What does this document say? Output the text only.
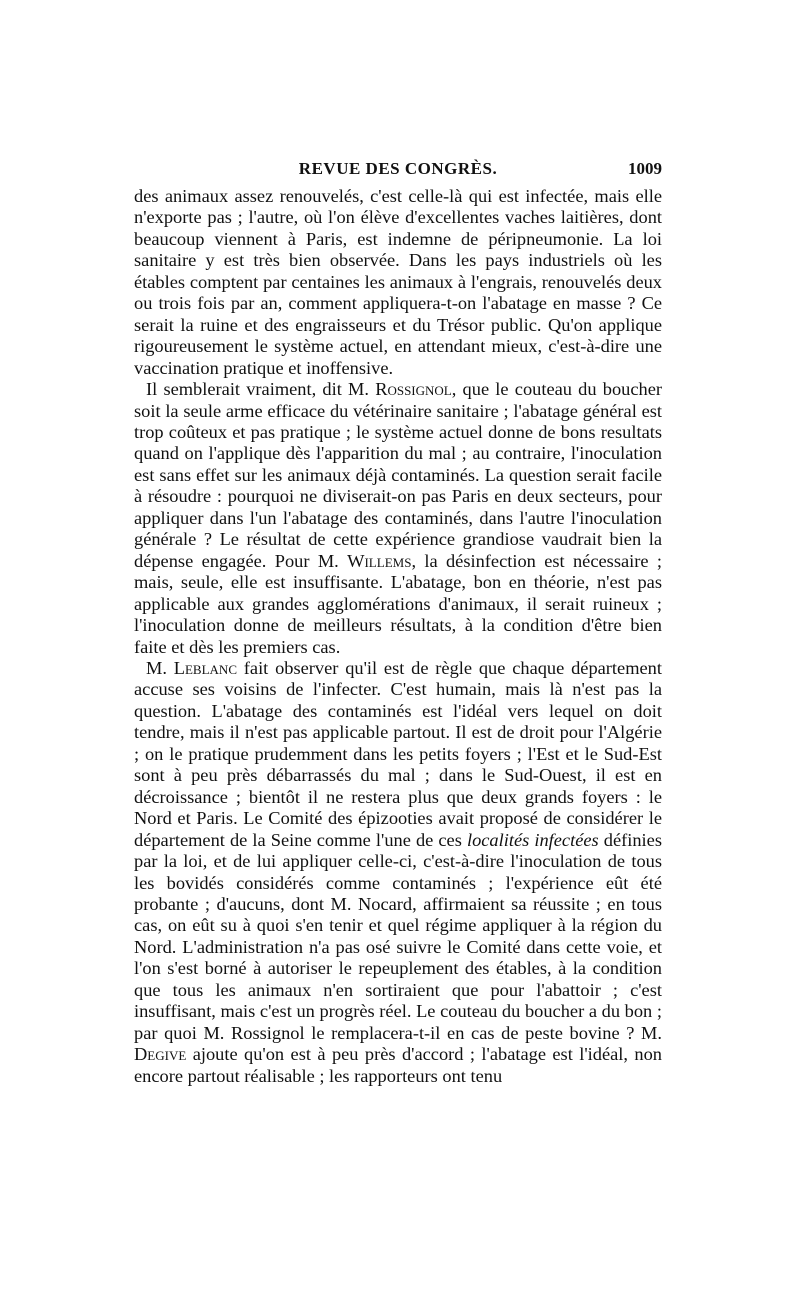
REVUE DES CONGRÈS.	1009

des animaux assez renouvelés, c'est celle-là qui est infectée, mais elle n'exporte pas ; l'autre, où l'on élève d'excellentes vaches laitières, dont beaucoup viennent à Paris, est indemne de péripneumonie. La loi sanitaire y est très bien observée. Dans les pays industriels où les étables comptent par centaines les animaux à l'engrais, renouvelés deux ou trois fois par an, comment appliquera-t-on l'abatage en masse ? Ce serait la ruine et des engraisseurs et du Trésor public. Qu'on applique rigoureusement le système actuel, en attendant mieux, c'est-à-dire une vaccination pratique et inoffensive.

Il semblerait vraiment, dit M. Rossignol, que le couteau du boucher soit la seule arme efficace du vétérinaire sanitaire ; l'abatage général est trop coûteux et pas pratique ; le système actuel donne de bons resultats quand on l'applique dès l'apparition du mal ; au contraire, l'inoculation est sans effet sur les animaux déjà contaminés. La question serait facile à résoudre : pourquoi ne diviserait-on pas Paris en deux secteurs, pour appliquer dans l'un l'abatage des contaminés, dans l'autre l'inoculation générale ? Le résultat de cette expérience grandiose vaudrait bien la dépense engagée. Pour M. Willems, la désinfection est nécessaire ; mais, seule, elle est insuffisante. L'abatage, bon en théorie, n'est pas applicable aux grandes agglomérations d'animaux, il serait ruineux ; l'inoculation donne de meilleurs résultats, à la condition d'être bien faite et dès les premiers cas.

M. Leblanc fait observer qu'il est de règle que chaque département accuse ses voisins de l'infecter. C'est humain, mais là n'est pas la question. L'abatage des contaminés est l'idéal vers lequel on doit tendre, mais il n'est pas applicable partout. Il est de droit pour l'Algérie ; on le pratique prudemment dans les petits foyers ; l'Est et le Sud-Est sont à peu près débarrassés du mal ; dans le Sud-Ouest, il est en décroissance ; bientôt il ne restera plus que deux grands foyers : le Nord et Paris. Le Comité des épizooties avait proposé de considérer le département de la Seine comme l'une de ces localités infectées définies par la loi, et de lui appliquer celle-ci, c'est-à-dire l'inoculation de tous les bovidés considérés comme contaminés ; l'expérience eût été probante ; d'aucuns, dont M. Nocard, affirmaient sa réussite ; en tous cas, on eût su à quoi s'en tenir et quel régime appliquer à la région du Nord. L'administration n'a pas osé suivre le Comité dans cette voie, et l'on s'est borné à autoriser le repeuplement des étables, à la condition que tous les animaux n'en sortiraient que pour l'abattoir ; c'est insuffisant, mais c'est un progrès réel. Le couteau du boucher a du bon ; par quoi M. Rossignol le remplacera-t-il en cas de peste bovine ? M. Degive ajoute qu'on est à peu près d'accord ; l'abatage est l'idéal, non encore partout réalisable ; les rapporteurs ont tenu
